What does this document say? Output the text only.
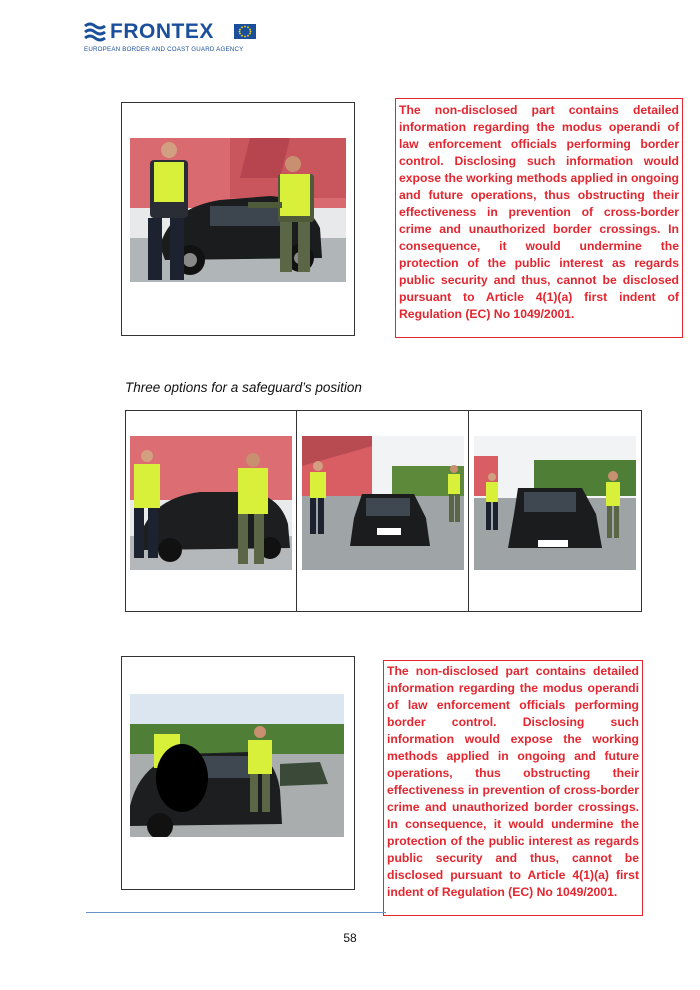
FRONTEX
EUROPEAN BORDER AND COAST GUARD AGENCY

The non-disclosed part contains detailed information regarding the modus operandi of law enforcement officials performing border control. Disclosing such information would expose the working methods applied in ongoing and future operations, thus obstructing their effectiveness in prevention of cross-border crime and unauthorized border crossings. In consequence, it would undermine the protection of the public interest as regards public security and thus, cannot be disclosed pursuant to Article 4(1)(a) first indent of Regulation (EC) No 1049/2001.

Three options for a safeguard’s position

The non-disclosed part contains detailed information regarding the modus operandi of law enforcement officials performing border control. Disclosing such information would expose the working methods applied in ongoing and future operations, thus obstructing their effectiveness in prevention of cross-border crime and unauthorized border crossings. In consequence, it would undermine the protection of the public interest as regards public security and thus, cannot be disclosed pursuant to Article 4(1)(a) first indent of Regulation (EC) No 1049/2001.

58
